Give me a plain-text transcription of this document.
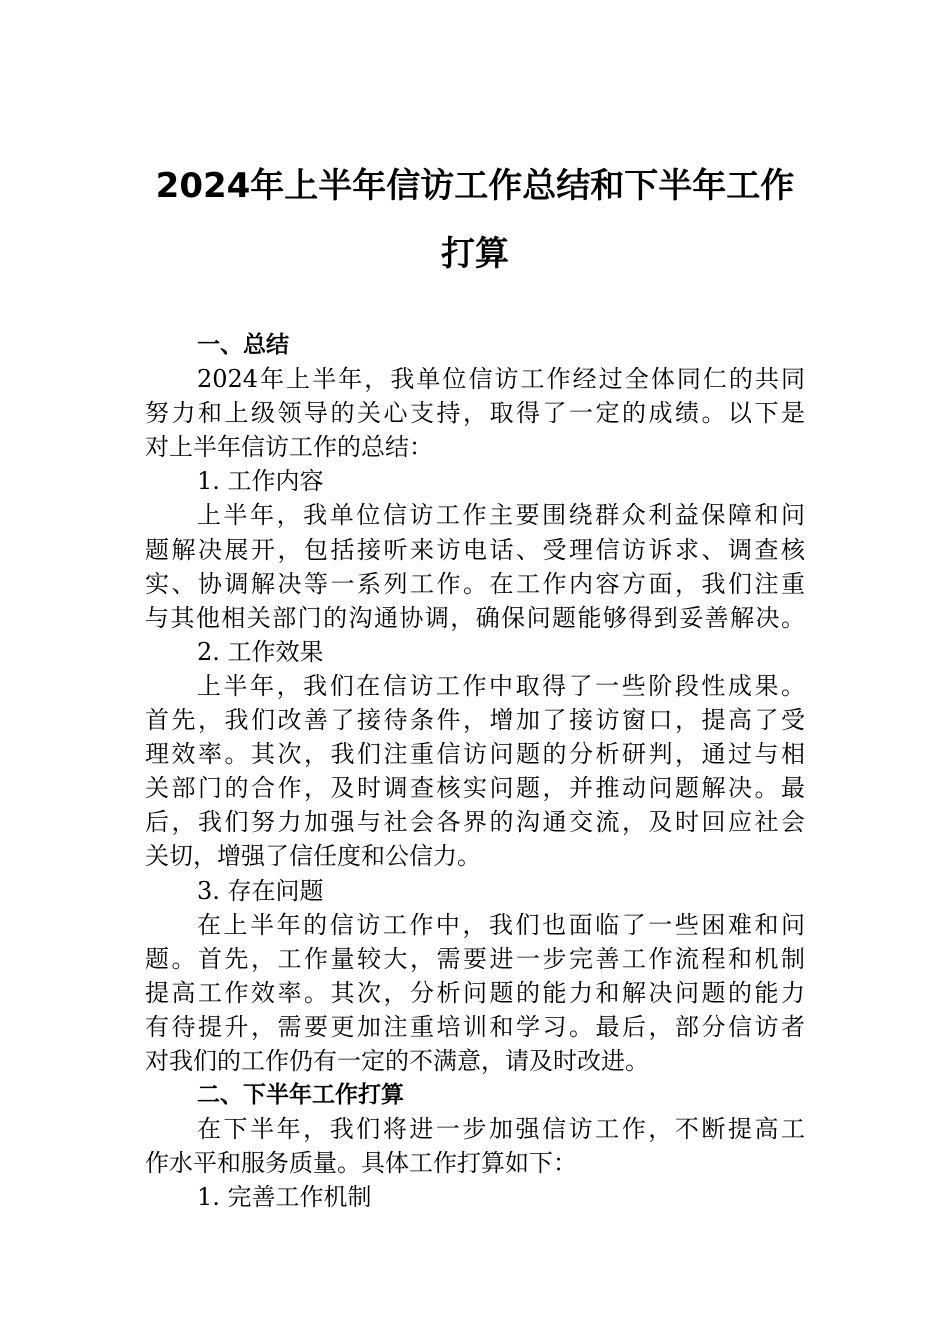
2024年上半年信访工作总结和下半年工作
打算
一、总结
2024年上半年，我单位信访工作经过全体同仁的共同
努力和上级领导的关心支持，取得了一定的成绩。以下是
对上半年信访工作的总结：
1. 工作内容
上半年，我单位信访工作主要围绕群众利益保障和问
题解决展开，包括接听来访电话、受理信访诉求、调查核
实、协调解决等一系列工作。在工作内容方面，我们注重
与其他相关部门的沟通协调，确保问题能够得到妥善解决。
2. 工作效果
上半年，我们在信访工作中取得了一些阶段性成果。
首先，我们改善了接待条件，增加了接访窗口，提高了受
理效率。其次，我们注重信访问题的分析研判，通过与相
关部门的合作，及时调查核实问题，并推动问题解决。最
后，我们努力加强与社会各界的沟通交流，及时回应社会
关切，增强了信任度和公信力。
3. 存在问题
在上半年的信访工作中，我们也面临了一些困难和问
题。首先，工作量较大，需要进一步完善工作流程和机制
提高工作效率。其次，分析问题的能力和解决问题的能力
有待提升，需要更加注重培训和学习。最后，部分信访者
对我们的工作仍有一定的不满意，请及时改进。
二、下半年工作打算
在下半年，我们将进一步加强信访工作，不断提高工
作水平和服务质量。具体工作打算如下：
1. 完善工作机制
